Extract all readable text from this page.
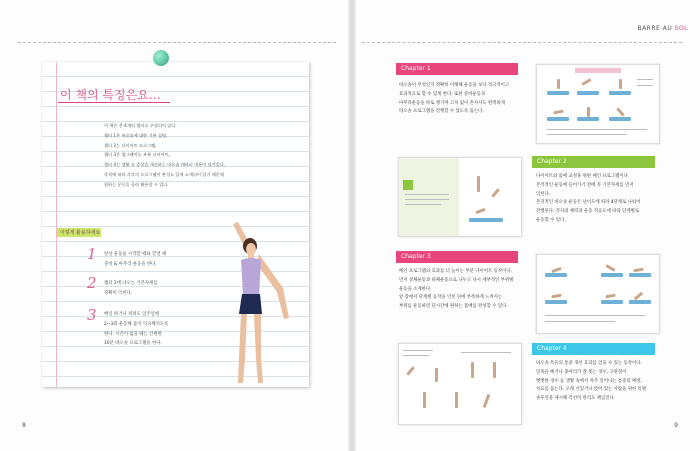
BARRE AU SOL
이 책의 특징은요…
이 책은 총 4개의 챕터로 구성되어 있다.
챕터 1은 바오솔에 대한 기본 설명,
챕터 2는 다이어트 프로그램,
챕터 3은 업그레이드 부분 다이어트,
챕터 4는 생활 속 증상을 개선하는 바오솔 테라피 내용이 담겨있다.
목적에 따라 각각의 프로그램이 완성도 있게 소개되어 있기 때문에
원하는 운동을 골라 활용할 수 있다.
이렇게 활용하세요
1 항상 운동을 시작할 때와 끝낼 때
준비 & 마무리 운동을 한다.
2 챕터 2에 나오는 기본자세를
정확히 익힌다.
3 매일 하거나 꺼려도 일주일에
2~3회 운동해 몸이 익숙해지도록
한다. 시간이 없을 때는 간편한
10분 바오솔 프로그램을 한다.
8
Chapter 1
바오솔이 무엇인지 정확히 이해해 운동을 보다 적극적이고
효과적으로 할 수 있게 한다. 또한 준비운동과
마무리운동을 바로 챙기며 고치 없이 혼자서도 완벽하게
바오솔 프로그램을 진행할 수 있도록 돕는다.
Chapter 2
다이어트와 몸매 교정을 위한 메인 프로그램이다.
본격적인 운동에 들어가기 전에 꼭 기본자세를 먼저
익힌다.
본격적인 바오솔 운동은 난이도에 따라 4단계로 나눠어
진행된다. 각자의 체력과 운동 적응도에 따라 단계별로
운동할 수 있다.
Chapter 3
메인 프로그램의 효과를 더 높이는 부분 다이어트 동작이다.
먼저 상체운동과 하체운동으로 나누고 다시 세부적인 부위별
운동을 소개한다.
앞 장에서 단계별 동작을 익힌 뒤에 부족하게 느껴지는
부위를 운동하면 단시간에 원하는 몸매를 완성할 수 있다.
Chapter 4
바오솔 특유의 통증 개선 효과를 얻을 수 있는 동작이다.
말목을 삐거나 종아리가 잘 붓는 경우, 고관절이
뻣뻣한 경우 등 생활 속에서 자주 일어나는 통증의 예방,
치료를 돕는다. 오래 서있거나 앉아 있는 사람을 위한 특별
솔루션을 제시해 각선미 관리도 책임진다.
9
